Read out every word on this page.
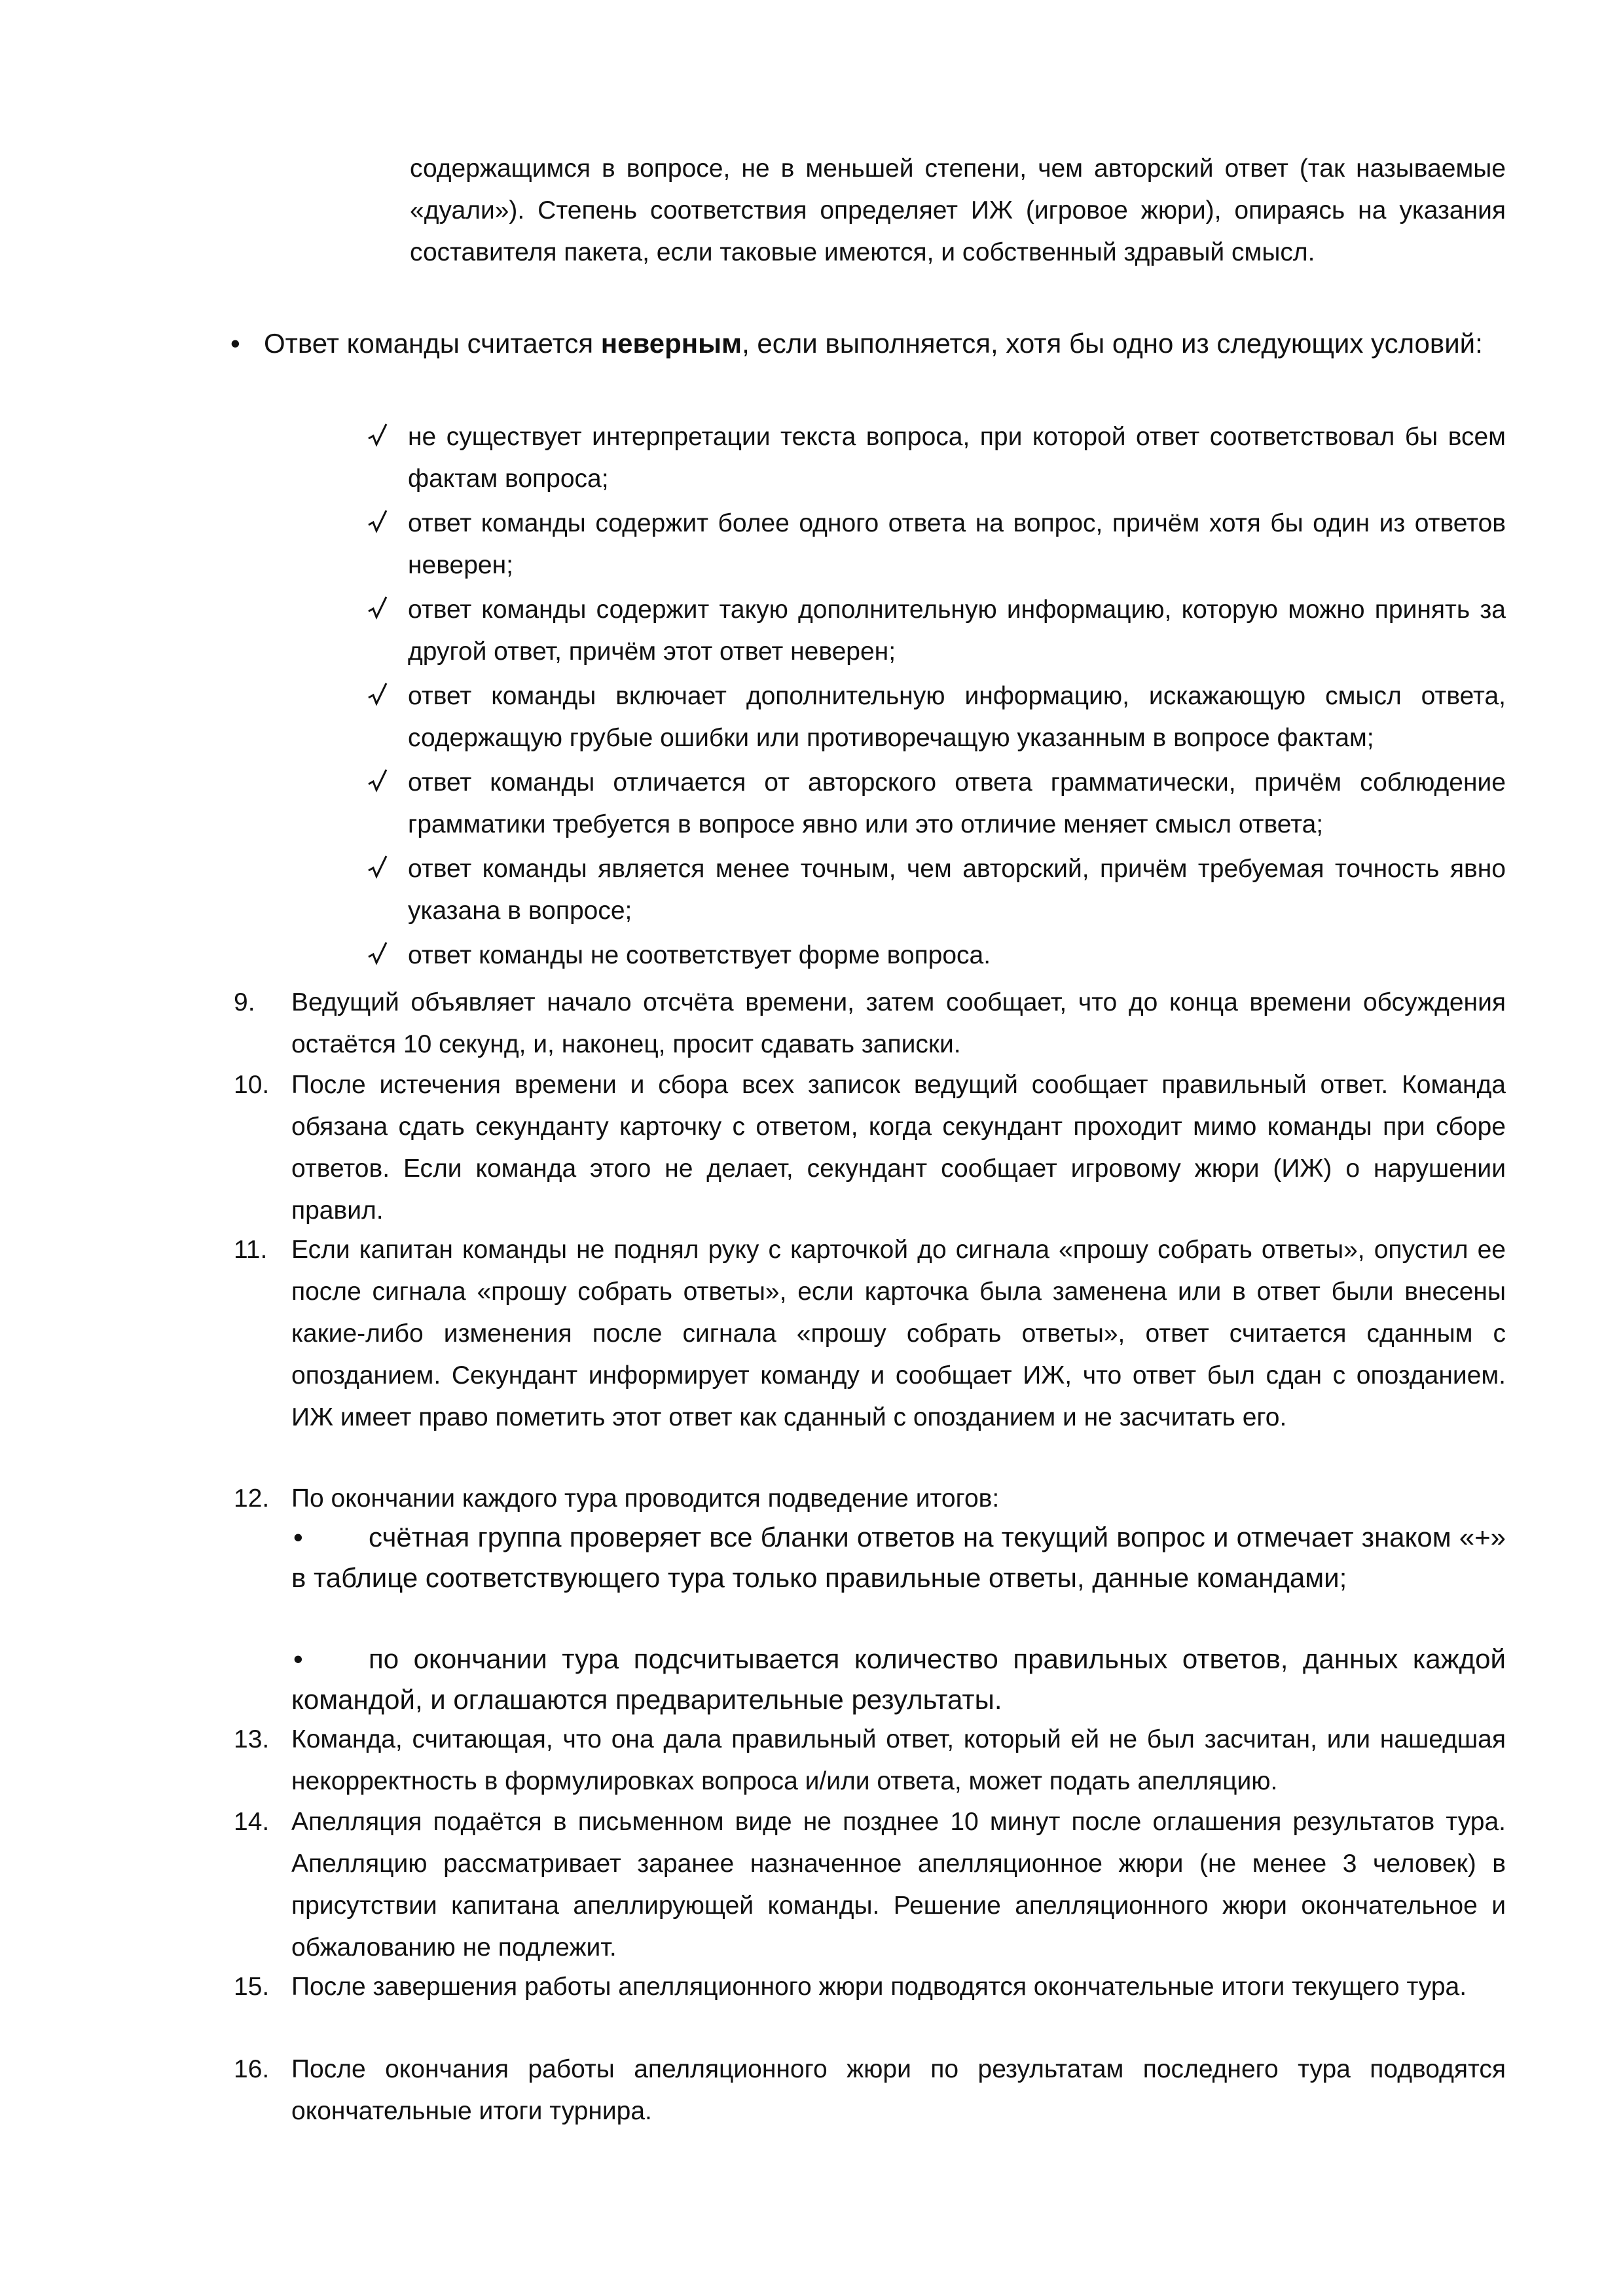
содержащимся в вопросе, не в меньшей степени, чем авторский ответ (так называемые «дуали»). Степень соответствия определяет ИЖ (игровое жюри), опираясь на указания составителя пакета, если таковые имеются, и собственный здравый смысл.
• Ответ команды считается неверным, если выполняется, хотя бы одно из следующих условий:
не существует интерпретации текста вопроса, при которой ответ соответствовал бы всем фактам вопроса;
ответ команды содержит более одного ответа на вопрос, причём хотя бы один из ответов неверен;
ответ команды содержит такую дополнительную информацию, которую можно принять за другой ответ, причём этот ответ неверен;
ответ команды включает дополнительную информацию, искажающую смысл ответа, содержащую грубые ошибки или противоречащую указанным в вопросе фактам;
ответ команды отличается от авторского ответа грамматически, причём соблюдение грамматики требуется в вопросе явно или это отличие меняет смысл ответа;
ответ команды является менее точным, чем авторский, причём требуемая точность явно указана в вопросе;
ответ команды не соответствует форме вопроса.
9. Ведущий объявляет начало отсчёта времени, затем сообщает, что до конца времени обсуждения остаётся 10 секунд, и, наконец, просит сдавать записки.
10. После истечения времени и сбора всех записок ведущий сообщает правильный ответ. Команда обязана сдать секунданту карточку с ответом, когда секундант проходит мимо команды при сборе ответов. Если команда этого не делает, секундант сообщает игровому жюри (ИЖ) о нарушении правил.
11. Если капитан команды не поднял руку с карточкой до сигнала «прошу собрать ответы», опустил ее после сигнала «прошу собрать ответы», если карточка была заменена или в ответ были внесены какие-либо изменения после сигнала «прошу собрать ответы», ответ считается сданным с опозданием. Секундант информирует команду и сообщает ИЖ, что ответ был сдан с опозданием. ИЖ имеет право пометить этот ответ как сданный с опозданием и не засчитать его.
12. По окончании каждого тура проводится подведение итогов:
13. Команда, считающая, что она дала правильный ответ, который ей не был засчитан, или нашедшая некорректность в формулировках вопроса и/или ответа, может подать апелляцию.
14. Апелляция подаётся в письменном виде не позднее 10 минут после оглашения результатов тура. Апелляцию рассматривает заранее назначенное апелляционное жюри (не менее 3 человек) в присутствии капитана апеллирующей команды. Решение апелляционного жюри окончательное и обжалованию не подлежит.
15. После завершения работы апелляционного жюри подводятся окончательные итоги текущего тура.
16. После окончания работы апелляционного жюри по результатам последнего тура подводятся окончательные итоги турнира.
•	счётная группа проверяет все бланки ответов на текущий вопрос и отмечает знаком «+» в таблице соответствующего тура только правильные ответы, данные командами;
•	по окончании тура подсчитывается количество правильных ответов, данных каждой командой, и оглашаются предварительные результаты.
